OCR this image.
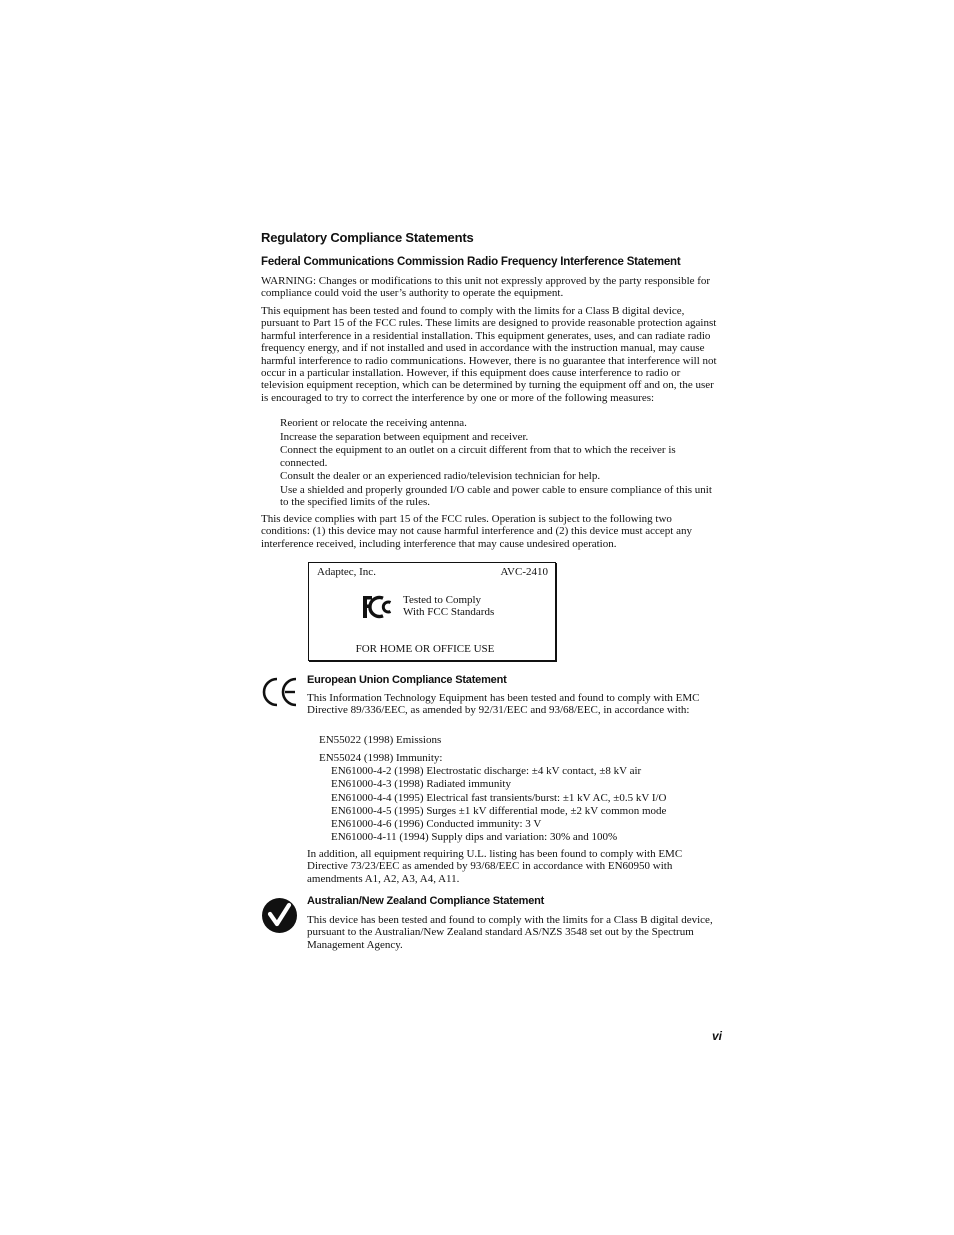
Regulatory Compliance Statements
Federal Communications Commission Radio Frequency Interference Statement

WARNING: Changes or modifications to this unit not expressly approved by the party responsible for compliance could void the user’s authority to operate the equipment.

This equipment has been tested and found to comply with the limits for a Class B digital device, pursuant to Part 15 of the FCC rules. These limits are designed to provide reasonable protection against harmful interference in a residential installation. This equipment generates, uses, and can radiate radio frequency energy, and if not installed and used in accordance with the instruction manual, may cause harmful interference to radio communications. However, there is no guarantee that interference will not occur in a particular installation. However, if this equipment does cause interference to radio or television equipment reception, which can be determined by turning the equipment off and on, the user is encouraged to try to correct the interference by one or more of the following measures:

Reorient or relocate the receiving antenna.
Increase the separation between equipment and receiver.
Connect the equipment to an outlet on a circuit different from that to which the receiver is connected.
Consult the dealer or an experienced radio/television technician for help.
Use a shielded and properly grounded I/O cable and power cable to ensure compliance of this unit to the specified limits of the rules.

This device complies with part 15 of the FCC rules. Operation is subject to the following two conditions: (1) this device may not cause harmful interference and (2) this device must accept any interference received, including interference that may cause undesired operation.

Adaptec, Inc.	AVC-2410
Tested to Comply
With FCC Standards
FOR HOME OR OFFICE USE
European Union Compliance Statement

This Information Technology Equipment has been tested and found to comply with EMC Directive 89/336/EEC, as amended by 92/31/EEC and 93/68/EEC, in accordance with:

EN55022 (1998) Emissions

EN55024 (1998) Immunity:

EN61000-4-2 (1998) Electrostatic discharge: ±4 kV contact, ±8 kV air
EN61000-4-3 (1998) Radiated immunity
EN61000-4-4 (1995) Electrical fast transients/burst: ±1 kV AC, ±0.5 kV I/O
EN61000-4-5 (1995) Surges ±1 kV differential mode, ±2 kV common mode
EN61000-4-6 (1996) Conducted immunity: 3 V
EN61000-4-11 (1994) Supply dips and variation: 30% and 100%

In addition, all equipment requiring U.L. listing has been found to comply with EMC Directive 73/23/EEC as amended by 93/68/EEC in accordance with EN60950 with amendments A1, A2, A3, A4, A11.

Australian/New Zealand Compliance Statement

This device has been tested and found to comply with the limits for a Class B digital device, pursuant to the Australian/New Zealand standard AS/NZS 3548 set out by the Spectrum Management Agency.

vi
